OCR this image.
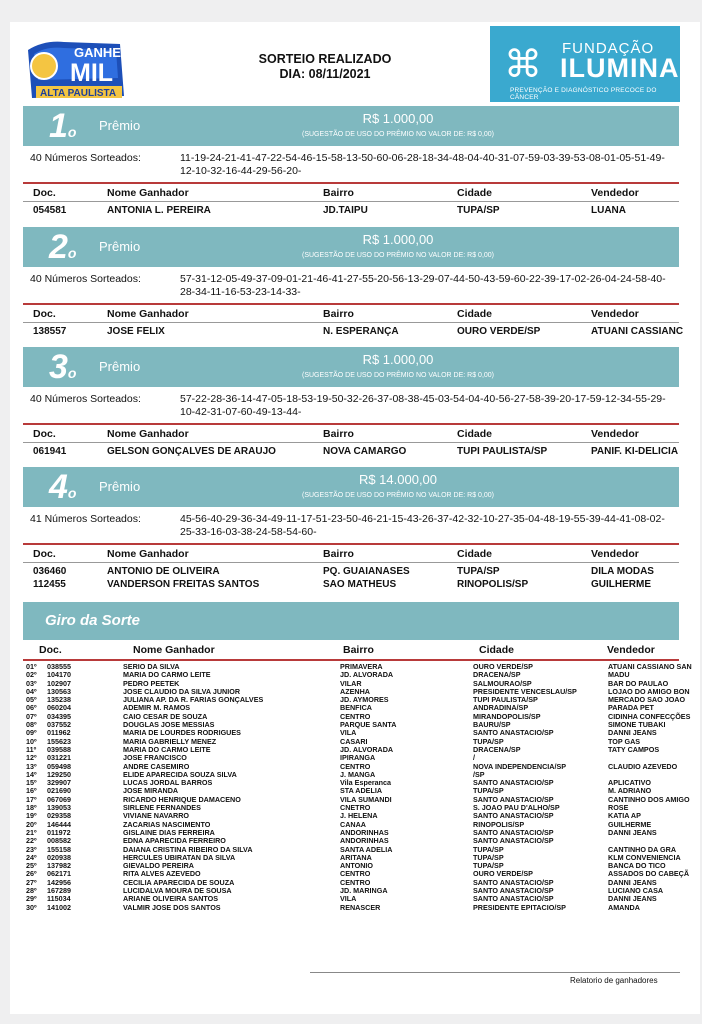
GANHE
MIL
ALTA PAULISTA
SORTEIO REALIZADO
DIA: 08/11/2021	⌘ FUNDAÇÃO
ILUMINA
PREVENÇÃO E DIAGNÓSTICO PRECOCE DO CÂNCER
1$^o$ Prêmio	R$ 1.000,00
(SUGESTÃO DE USO DO PRÊMIO NO VALOR DE: R$ 0,00)
40 Números Sorteados:	11-19-24-21-41-47-22-54-46-15-58-13-50-60-06-28-18-34-48-04-40-31-07-59-03-39-53-08-01-05-51-49-12-10-32-16-44-29-56-20-
Doc.	Nome Ganhador	Bairro	Cidade	Vendedor
054581	ANTONIA L. PEREIRA	JD.TAIPU	TUPA/SP	LUANA
2$^o$ Prêmio	R$ 1.000,00
(SUGESTÃO DE USO DO PRÊMIO NO VALOR DE: R$ 0,00)
40 Números Sorteados:	57-31-12-05-49-37-09-01-21-46-41-27-55-20-56-13-29-07-44-50-43-59-60-22-39-17-02-26-04-24-58-40-28-34-11-16-53-23-14-33-
Doc.	Nome Ganhador	Bairro	Cidade	Vendedor
138557	JOSE FELIX	N. ESPERANÇA	OURO VERDE/SP	ATUANI CASSIANC
3$^o$ Prêmio	R$ 1.000,00
(SUGESTÃO DE USO DO PRÊMIO NO VALOR DE: R$ 0,00)
40 Números Sorteados:	57-22-28-36-14-47-05-18-53-19-50-32-26-37-08-38-45-03-54-04-40-56-27-58-39-20-17-59-12-34-55-29-10-42-31-07-60-49-13-44-
Doc.	Nome Ganhador	Bairro	Cidade	Vendedor
061941	GELSON GONÇALVES DE ARAUJO	NOVA CAMARGO	TUPI PAULISTA/SP	PANIF. KI-DELICIA
4$^o$ Prêmio	R$ 14.000,00
(SUGESTÃO DE USO DO PRÊMIO NO VALOR DE: R$ 0,00)
41 Números Sorteados:	45-56-40-29-36-34-49-11-17-51-23-50-46-21-15-43-26-37-42-32-10-27-35-04-48-19-55-39-44-41-08-02-25-33-16-03-38-24-58-54-60-
Doc.	Nome Ganhador	Bairro	Cidade	Vendedor
036460	ANTONIO DE OLIVEIRA	PQ. GUAIANASES	TUPA/SP	DILA MODAS
112455	VANDERSON FREITAS SANTOS	SAO MATHEUS	RINOPOLIS/SP	GUILHERME
Giro da Sorte
Doc.	Nome Ganhador	Bairro	Cidade	Vendedor
01º 038555	SERIO DA SILVA	PRIMAVERA	OURO VERDE/SP	ATUANI CASSIANO SAN
02º 104170	MARIA DO CARMO LEITE	JD. ALVORADA	DRACENA/SP	MADU
03º 102907	PEDRO PEETEK	VILAR	SALMOURAO/SP	BAR DO PAULAO
04º 130563	JOSE CLAUDIO DA SILVA JUNIOR	AZENHA	PRESIDENTE VENCESLAU/SP	LOJAO DO AMIGO BON
05º 135238	JULIANA AP. DA R. FARIAS GONÇALVES	JD. AYMORES	TUPI PAULISTA/SP	MERCADO SAO JOAO
06º 060204	ADEMIR M. RAMOS	BENFICA	ANDRADINA/SP	PARADA PET
07º 034395	CAIO CESAR DE SOUZA	CENTRO	MIRANDOPOLIS/SP	CIDINHA CONFECÇÕES
08º 037552	DOUGLAS JOSE MESSIAS	PARQUE SANTA	BAURU/SP	SIMONE TUBAKI
09º 011962	MARIA DE LOURDES RODRIGUES	VILA	SANTO ANASTACIO/SP	DANNI JEANS
10º 155623	MARIA GABRIELLY MENEZ	CASARI	TUPA/SP	TOP GAS
11º 039588	MARIA DO CARMO LEITE	JD. ALVORADA	DRACENA/SP	TATY CAMPOS
12º 031221	JOSE FRANCISCO	IPIRANGA	/
13º 059498	ANDRE CASEMIRO	CENTRO	NOVA INDEPENDENCIA/SP	CLAUDIO AZEVEDO
14º 129250	ELIDE APARECIDA SOUZA SILVA	J. MANGA	/SP
15º 329907	LUCAS JORDAL BARROS	Vila Esperanca	SANTO ANASTACIO/SP	APLICATIVO
16º 021690	JOSE MIRANDA	STA ADELIA	TUPA/SP	M. ADRIANO
17º 067069	RICARDO HENRIQUE DAMACENO	VILA SUMANDI	SANTO ANASTACIO/SP	CANTINHO DOS AMIGO
18º 139053	SIRLENE FERNANDES	CNETRO	S. JOAO PAU D'ALHO/SP	ROSE
19º 029358	VIVIANE NAVARRO	J. HELENA	SANTO ANASTACIO/SP	KATIA AP
20º 146444	ZACARIAS NASCIMENTO	CANAA	RINOPOLIS/SP	GUILHERME
21º 011972	GISLAINE DIAS FERREIRA	ANDORINHAS	SANTO ANASTACIO/SP	DANNI JEANS
22º 008582	EDNA APARECIDA FERREIRO	ANDORINHAS	SANTO ANASTACIO/SP
23º 155158	DAIANA CRISTINA RIBEIRO DA SILVA	SANTA ADELIA	TUPA/SP	CANTINHO DA GRA
24º 020938	HERCULES UBIRATAN DA SILVA	ARITANA	TUPA/SP	KLM CONVENIENCIA
25º 137982	GIEVALDO PEREIRA	ANTONIO	TUPA/SP	BANCA DO TICO
26º 062171	RITA ALVES AZEVEDO	CENTRO	OURO VERDE/SP	ASSADOS DO CABEÇÃ
27º 142956	CECILIA APARECIDA DE SOUZA	CENTRO	SANTO ANASTACIO/SP	DANNI JEANS
28º 167289	LUCIDALVA MOURA DE SOUSA	JD. MARINGA	SANTO ANASTACIO/SP	LUCIANO CASA
29º 115034	ARIANE OLIVEIRA SANTOS	VILA	SANTO ANASTACIO/SP	DANNI JEANS
30º 141002	VALMIR JOSE DOS SANTOS	RENASCER	PRESIDENTE EPITACIO/SP	AMANDA
Relatorio de ganhadores
